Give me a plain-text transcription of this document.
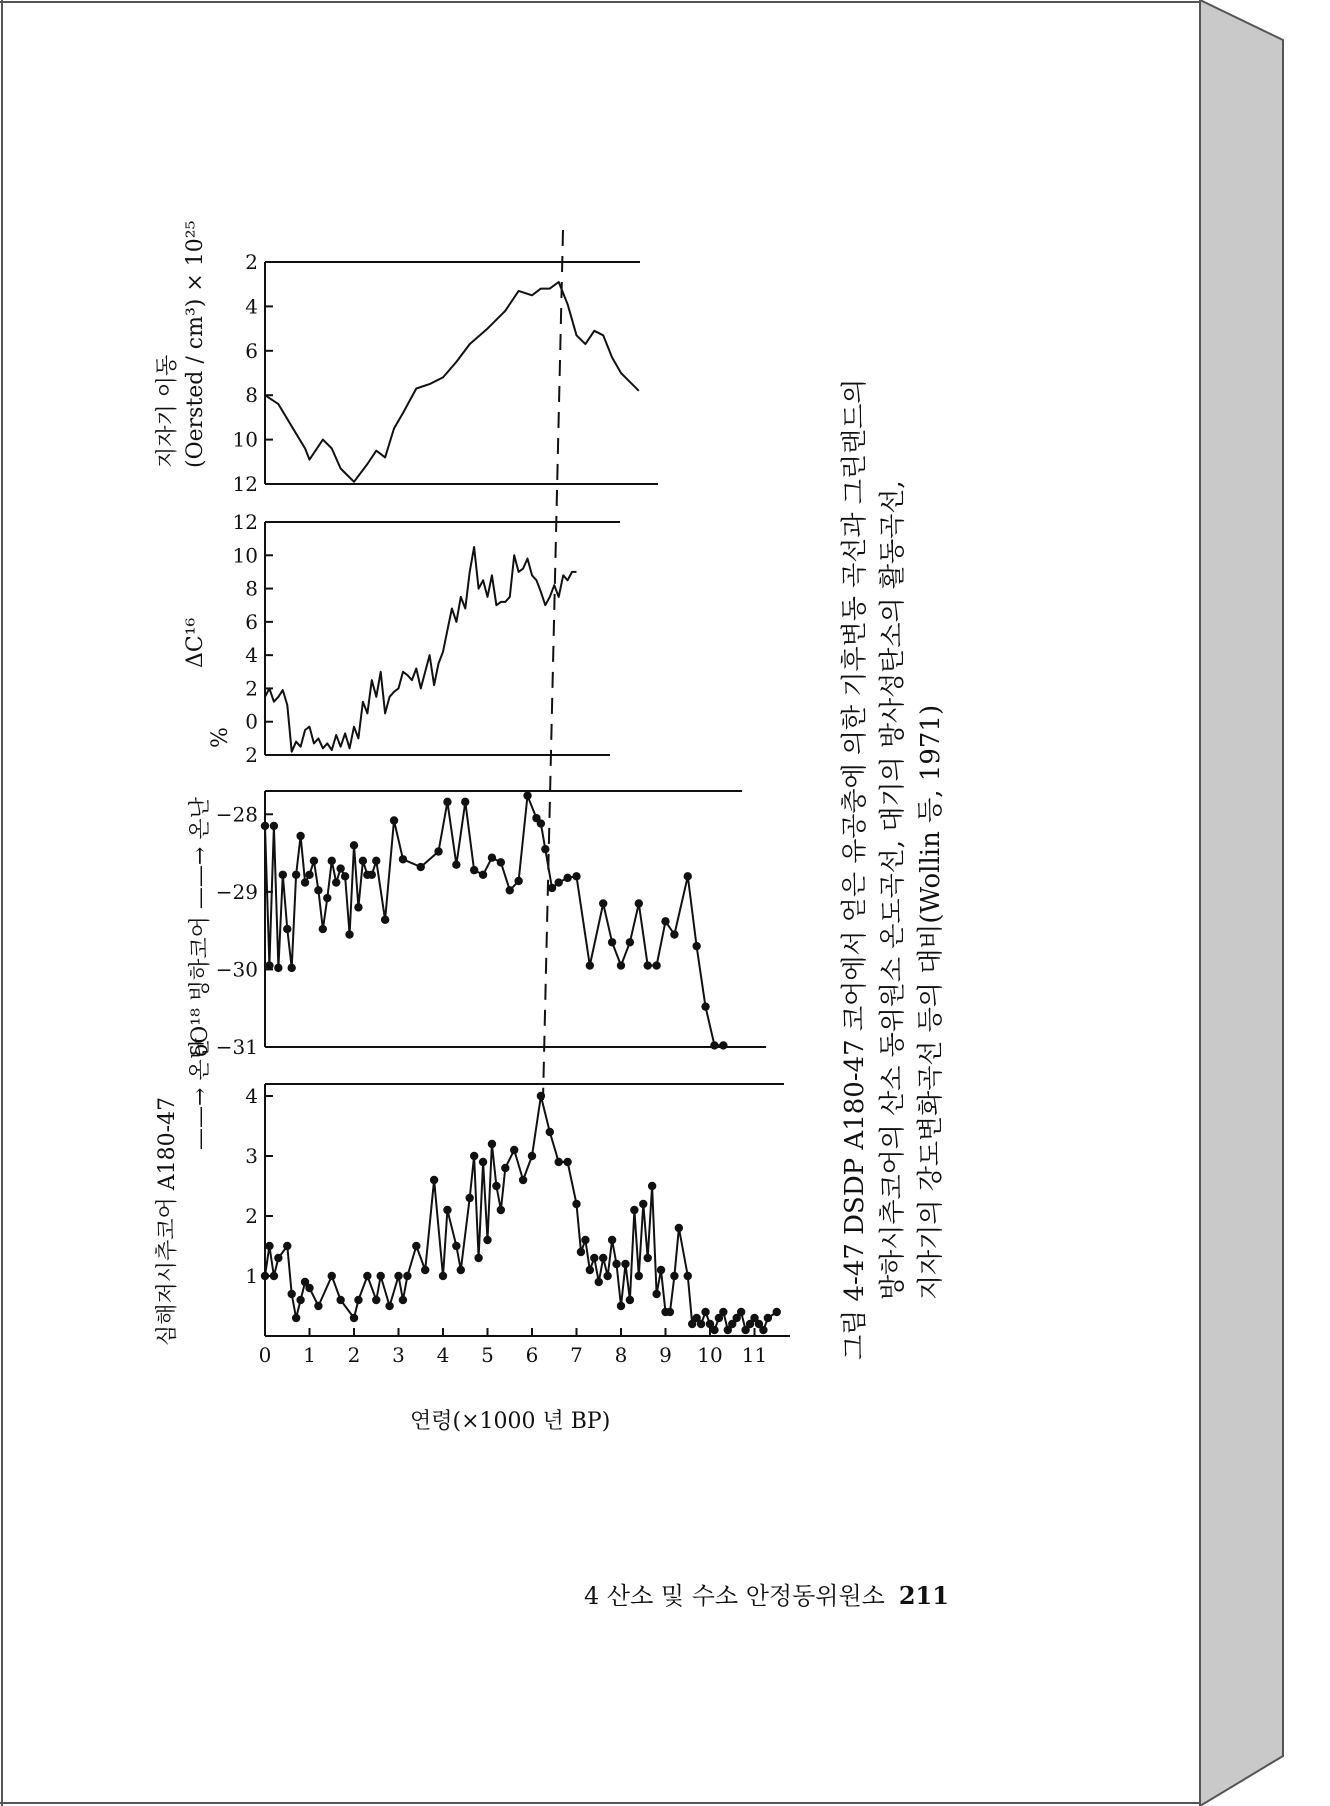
2
4
6
8
10
12
12
10
8
6
4
2
0
2
−28
−29
−30
−31
4
3
2
1
0 1 2 3 4 5 6 7 8 9 10 11
지자기 이동 (Oersted / cm³) × 10²⁵
ΔC¹⁶
%
δO¹⁸ 빙하코어 ——→ 온난
심해저시추코어 A180-47
——→ 온난
연령(×1000 년 BP)
그림 4-47 DSDP A180-47 코어에서 얻은 유공충에 의한 기후변동 곡선과 그린랜드의 방하시추코어의 산소 동위원소 온도곡선, 대기의 방사성탄소의 활동곡선, 지자기의 강도변화곡선 등의 대비(Wollin 등, 1971)
4 산소 및 수소 안정동위원소 211
